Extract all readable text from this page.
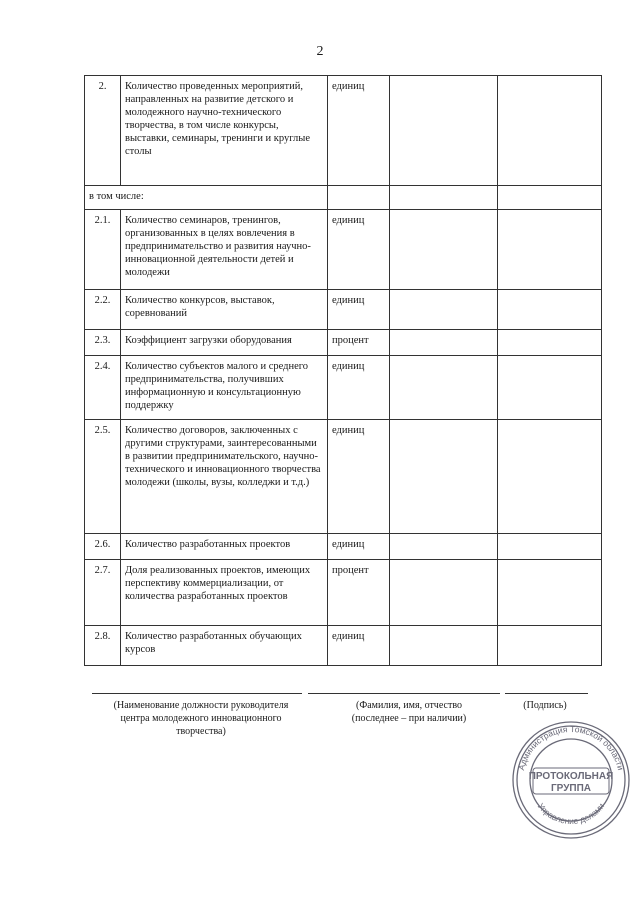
2
2.	Количество проведенных мероприятий, направленных на развитие детского и молодежного научно-технического творчества, в том числе конкурсы, выставки, семинары, тренинги и круглые столы	единиц		
в том числе:				
2.1.	Количество семинаров, тренингов, организованных в целях вовлечения в предпринимательство и развития научно-инновационной деятельности детей и молодежи	единиц		
2.2.	Количество конкурсов, выставок, соревнований	единиц		
2.3.	Коэффициент загрузки оборудования	процент		
2.4.	Количество субъектов малого и среднего предпринимательства, получивших информационную и консультационную поддержку	единиц		
2.5.	Количество договоров, заключенных с другими структурами, заинтересованными в развитии предпринимательского, научно-технического и инновационного творчества молодежи (школы, вузы, колледжи и т.д.)	единиц		
2.6.	Количество разработанных проектов	единиц		
2.7.	Доля реализованных проектов, имеющих перспективу коммерциализации, от количества разработанных проектов	процент		
2.8.	Количество разработанных обучающих курсов	единиц		
(Наименование должности руководителя центра молодежного инновационного творчества)
(Фамилия, имя, отчество (последнее – при наличии)
(Подпись)
Администрация Томской области
Управление делами
ПРОТОКОЛЬНАЯ
ГРУППА
